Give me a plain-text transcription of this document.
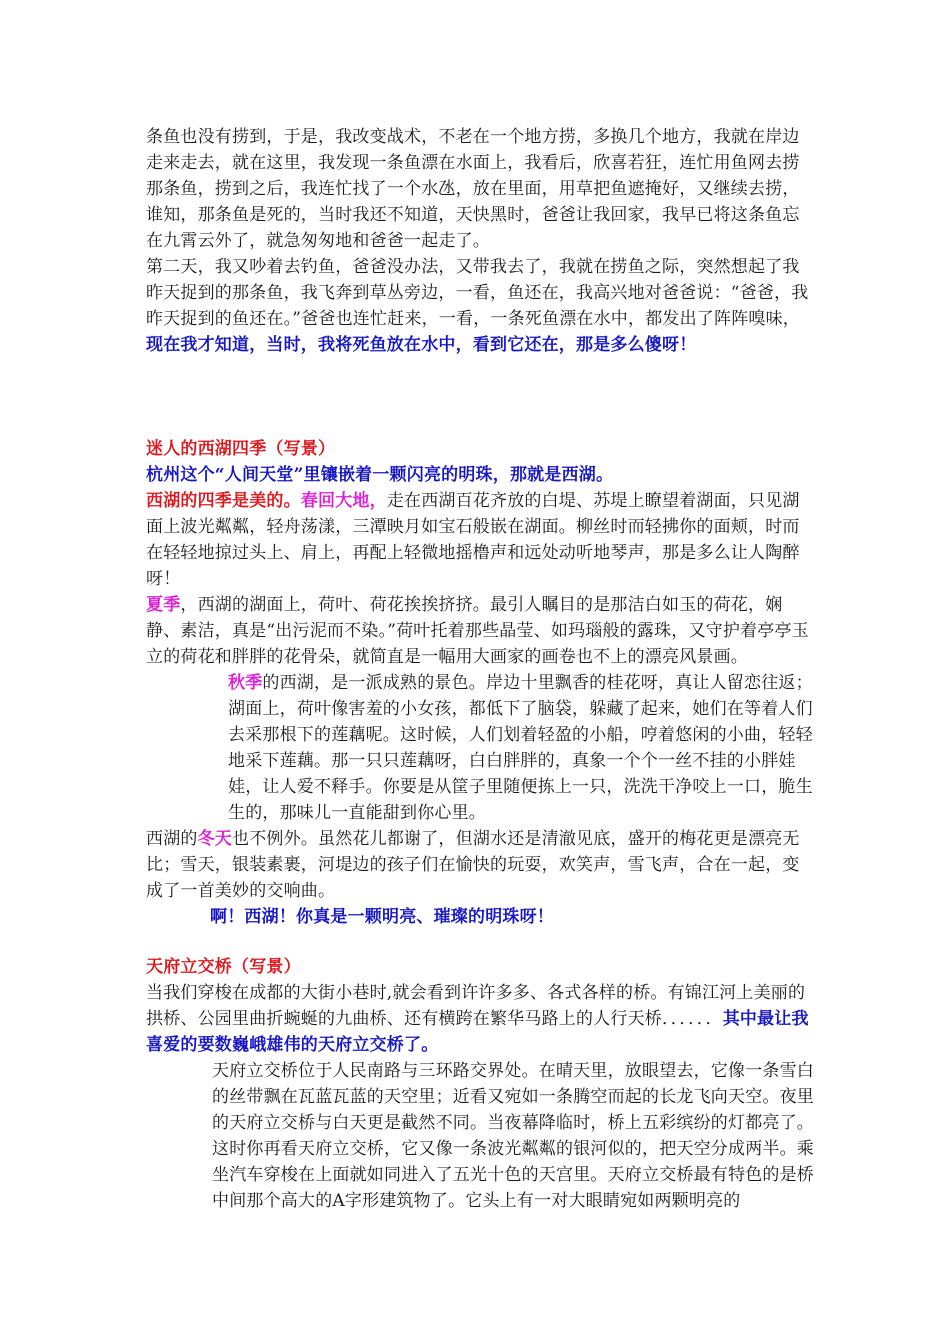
条鱼也没有捞到，于是，我改变战术，不老在一个地方捞，多换几个地方，我就在岸边走来走去，就在这里，我发现一条鱼漂在水面上，我看后，欣喜若狂，连忙用鱼网去捞那条鱼，捞到之后，我连忙找了一个水氹，放在里面，用草把鱼遮掩好，又继续去捞，谁知，那条鱼是死的，当时我还不知道，天快黑时，爸爸让我回家，我早已将这条鱼忘在九霄云外了，就急匆匆地和爸爸一起走了。

第二天，我又吵着去钓鱼，爸爸没办法，又带我去了，我就在捞鱼之际，突然想起了我昨天捉到的那条鱼，我飞奔到草丛旁边，一看，鱼还在，我高兴地对爸爸说：“爸爸，我昨天捉到的鱼还在。”爸爸也连忙赶来，一看，一条死鱼漂在水中，都发出了阵阵嗅味，现在我才知道，当时，我将死鱼放在水中，看到它还在，那是多么傻呀！

迷人的西湖四季（写景）

杭州这个“人间天堂”里镶嵌着一颗闪亮的明珠，那就是西湖。

西湖的四季是美的。春回大地，走在西湖百花齐放的白堤、苏堤上瞭望着湖面，只见湖面上波光粼粼，轻舟荡漾，三潭映月如宝石般嵌在湖面。柳丝时而轻拂你的面颊，时而在轻轻地掠过头上、肩上，再配上轻微地摇橹声和远处动听地琴声，那是多么让人陶醉呀！

夏季，西湖的湖面上，荷叶、荷花挨挨挤挤。最引人瞩目的是那洁白如玉的荷花，娴静、素洁，真是“出污泥而不染。”荷叶托着那些晶莹、如玛瑙般的露珠，又守护着亭亭玉立的荷花和胖胖的花骨朵，就简直是一幅用大画家的画卷也不上的漂亮风景画。

秋季的西湖，是一派成熟的景色。岸边十里飘香的桂花呀，真让人留恋往返；湖面上，荷叶像害羞的小女孩，都低下了脑袋，躲藏了起来，她们在等着人们去采那根下的莲藕呢。这时候，人们划着轻盈的小船，哼着悠闲的小曲，轻轻地采下莲藕。那一只只莲藕呀，白白胖胖的，真象一个个一丝不挂的小胖娃娃，让人爱不释手。你要是从筐子里随便拣上一只，洗洗干净咬上一口，脆生生的，那味儿一直能甜到你心里。

西湖的冬天也不例外。虽然花儿都谢了，但湖水还是清澈见底，盛开的梅花更是漂亮无比；雪天，银装素裹，河堤边的孩子们在愉快的玩耍，欢笑声，雪飞声，合在一起，变成了一首美妙的交响曲。

啊！西湖！你真是一颗明亮、璀璨的明珠呀！

天府立交桥（写景）

当我们穿梭在成都的大街小巷时,就会看到许许多多、各式各样的桥。有锦江河上美丽的拱桥、公园里曲折蜿蜒的九曲桥、还有横跨在繁华马路上的人行天桥．．．．．．其中最让我喜爱的要数巍峨雄伟的天府立交桥了。

天府立交桥位于人民南路与三环路交界处。在晴天里，放眼望去，它像一条雪白的丝带飘在瓦蓝瓦蓝的天空里；近看又宛如一条腾空而起的长龙飞向天空。夜里的天府立交桥与白天更是截然不同。当夜幕降临时，桥上五彩缤纷的灯都亮了。这时你再看天府立交桥，它又像一条波光粼粼的银河似的，把天空分成两半。乘坐汽车穿梭在上面就如同进入了五光十色的天宫里。天府立交桥最有特色的是桥中间那个高大的A字形建筑物了。它头上有一对大眼睛宛如两颗明亮的
